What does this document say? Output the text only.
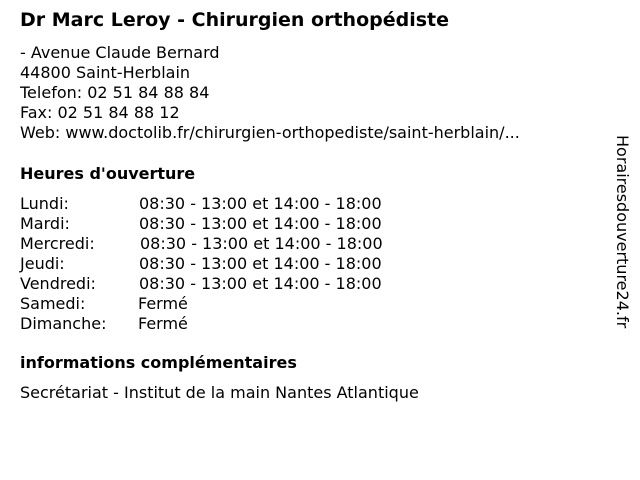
Dr Marc Leroy - Chirurgien orthopédiste
- Avenue Claude Bernard
44800 Saint-Herblain
Telefon: 02 51 84 88 84
Fax: 02 51 84 88 12
Web: www.doctolib.fr/chirurgien-orthopediste/saint-herblain/...
Heures d'ouverture
Lundi:	08:30 - 13:00 et 14:00 - 18:00
Mardi:	08:30 - 13:00 et 14:00 - 18:00
Mercredi:	08:30 - 13:00 et 14:00 - 18:00
Jeudi:	08:30 - 13:00 et 14:00 - 18:00
Vendredi:	08:30 - 13:00 et 14:00 - 18:00
Samedi:	Fermé
Dimanche: Fermé
informations complémentaires
Secrétariat - Institut de la main Nantes Atlantique
Horairesdouverture24.fr
